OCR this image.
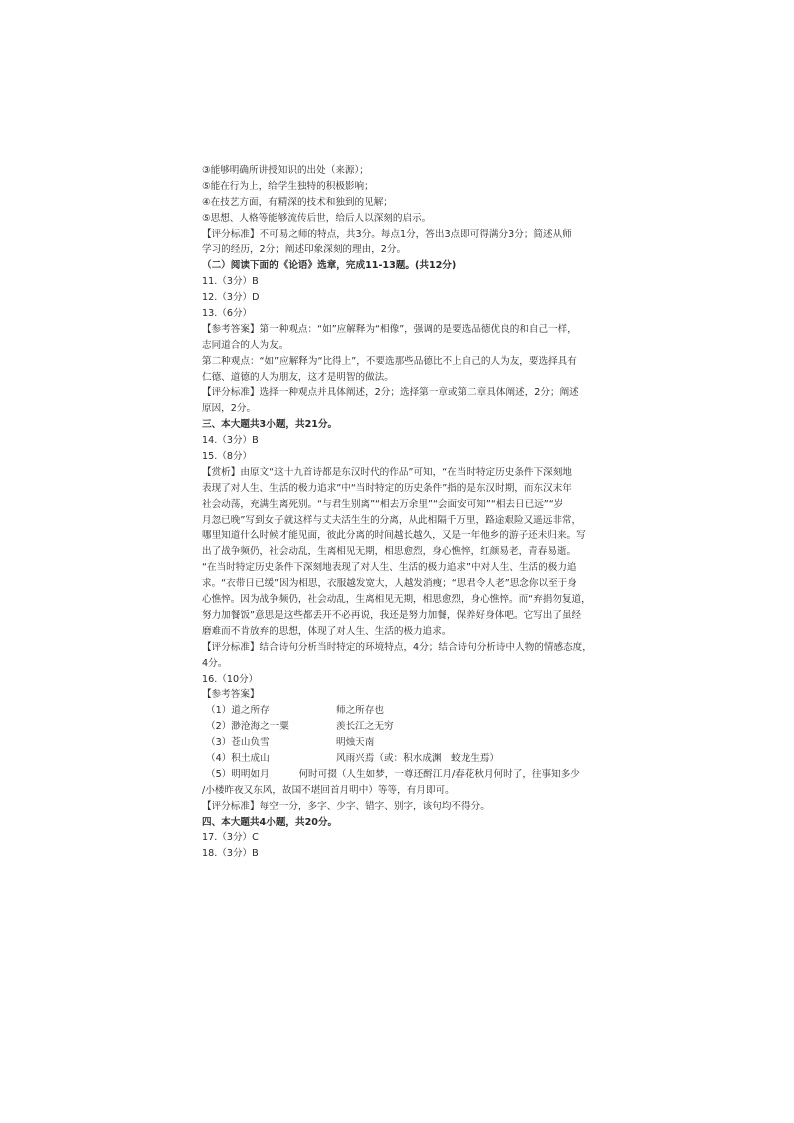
③能够明确所讲授知识的出处（来源）；
⑤能在行为上，给学生独特的积极影响；
④在技艺方面，有精深的技术和独到的见解；
⑤思想、人格等能够流传后世，给后人以深刻的启示。
【评分标准】不可易之师的特点，共3分。每点1分，答出3点即可得满分3分；简述从师
学习的经历，2分；阐述印象深刻的理由，2分。
（二）阅读下面的《论语》选章，完成11-13题。(共12分)
11.（3分）B
12.（3分）D
13.（6分）
【参考答案】第一种观点：“如”应解释为“相像”，强调的是要选品德优良的和自己一样，
志同道合的人为友。
第二种观点：“如”应解释为“比得上”，不要选那些品德比不上自己的人为友，要选择具有
仁德、道德的人为朋友，这才是明智的做法。
【评分标准】选择一种观点并具体阐述，2分；选择第一章或第二章具体阐述，2分；阐述
原因，2分。
三、本大题共3小题，共21分。
14.（3分）B
15.（8分）
【赏析】由原文“这十九首诗都是东汉时代的作品”可知，“在当时特定历史条件下深刻地
表现了对人生、生活的极力追求”中“当时特定的历史条件”指的是东汉时期，而东汉末年
社会动荡，充满生离死别。“与君生别离”“相去万余里”“会面安可知”“相去日已远”“岁
月忽已晚”写到女子就这样与丈夫活生生的分离，从此相隔千万里，路途艰险又遥远非常，
哪里知道什么时候才能见面，彼此分离的时间越长越久，又是一年他乡的游子还未归来。写
出了战争频仍，社会动乱，生离相见无期，相思愈烈，身心憔悴，红颜易老，青春易逝。
“在当时特定历史条件下深刻地表现了对人生、生活的极力追求”中对人生、生活的极力追
求。“衣带日已缓”因为相思，衣服越发宽大，人越发消瘦；“思君令人老”思念你以至于身
心憔悴。因为战争频仍，社会动乱，生离相见无期，相思愈烈，身心憔悴。而“弃捐勿复道，
努力加餐饭”意思是这些都丢开不必再说，我还是努力加餐，保养好身体吧。它写出了虽经
磨难而不肯放弃的思想，体现了对人生、生活的极力追求。
【评分标准】结合诗句分析当时特定的环境特点，4分；结合诗句分析诗中人物的情感态度，
4分。
16.（10分）
【参考答案】
（1）道之所存	师之所存也
（2）渺沧海之一粟	羡长江之无穷
（3）苍山负雪	明烛天南
（4）积土成山	风雨兴焉（或：积水成渊　蛟龙生焉）
（5）明明如月　　　何时可掇（人生如梦，一尊还酹江月/春花秋月何时了，往事知多少
/小楼昨夜又东风，故国不堪回首月明中）等等，有月即可。
【评分标准】每空一分，多字、少字、错字、别字，该句均不得分。
四、本大题共4小题，共20分。
17.（3分）C
18.（3分）B
